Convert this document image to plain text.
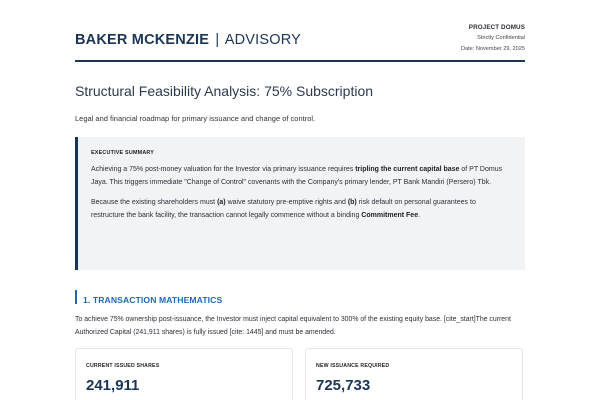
BAKER MCKENZIE | ADVISORY
PROJECT DOMUS
Strictly Confidential
Date: November 29, 2025
Structural Feasibility Analysis: 75% Subscription
Legal and financial roadmap for primary issuance and change of control.
EXECUTIVE SUMMARY

Achieving a 75% post-money valuation for the Investor via primary issuance requires tripling the current capital base of PT Domus Jaya. This triggers immediate "Change of Control" covenants with the Company's primary lender, PT Bank Mandiri (Persero) Tbk.

Because the existing shareholders must (a) waive statutory pre-emptive rights and (b) risk default on personal guarantees to restructure the bank facility, the transaction cannot legally commence without a binding Commitment Fee.

1. TRANSACTION MATHEMATICS
To achieve 75% ownership post-issuance, the Investor must inject capital equivalent to 300% of the existing equity base. [cite_start]The current Authorized Capital (241,911 shares) is fully issued [cite: 1445] and must be amended.
CURRENT ISSUED SHARES
241,911
NEW ISSUANCE REQUIRED
725,733
